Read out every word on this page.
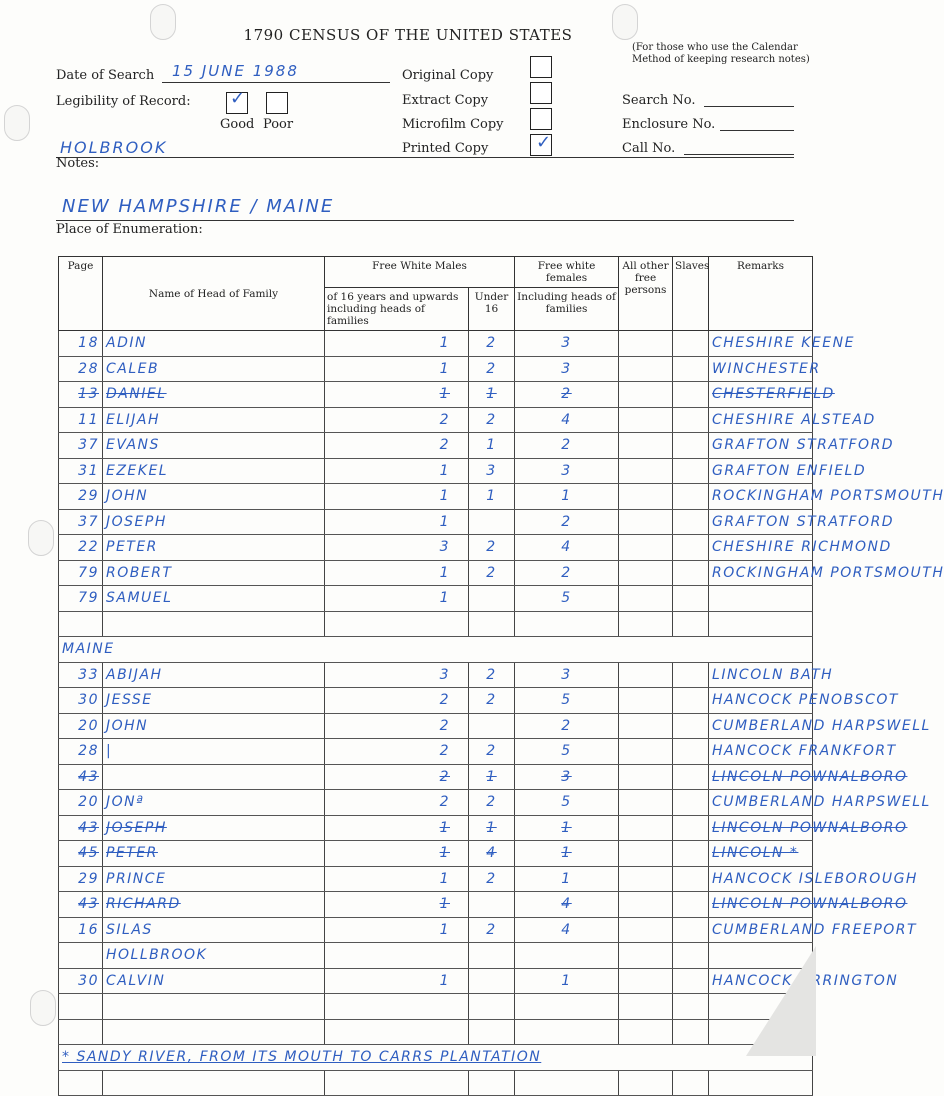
1790 CENSUS OF THE UNITED STATES
(For those who use the Calendar Method of keeping research notes)
Date of Search 15 JUNE 1988
Legibility of Record: ✓
Good Poor
Original Copy
Extract Copy
Microfilm Copy
Printed Copy	✓
Search No.
Enclosure No.
Call No.
HOLBROOK
Notes:
NEW HAMPSHIRE / MAINE
Place of Enumeration:
Page	Name of Head of Family	Free White Males		Free white females	All other free persons	Slaves	Remarks
		of 16 years and upwards including heads of families	Under 16	Including heads of families			
18	ADIN	1	2	3			CHESHIRE KEENE
28	CALEB	1	2	3			WINCHESTER
13	DANIEL	1	1	2			CHESTERFIELD
11	ELIJAH	2	2	4			CHESHIRE ALSTEAD
37	EVANS	2	1	2			GRAFTON STRATFORD
31	EZEKEL	1	3	3			GRAFTON ENFIELD
29	JOHN	1	1	1			ROCKINGHAM PORTSMOUTH
37	JOSEPH	1		2			GRAFTON STRATFORD
22	PETER	3	2	4			CHESHIRE RICHMOND
79	ROBERT	1	2	2			ROCKINGHAM PORTSMOUTH
79	SAMUEL	1		5			

MAINE							
33	ABIJAH	3	2	3			LINCOLN BATH
30	JESSE	2	2	5			HANCOCK PENOBSCOT
20	JOHN	2		2			CUMBERLAND HARPSWELL
28	|	2	2	5			HANCOCK FRANKFORT
43		2	1	3			LINCOLN POWNALBORO
20	JONª	2	2	5			CUMBERLAND HARPSWELL
43	JOSEPH	1	1	1			LINCOLN POWNALBORO
45	PETER	1	4	1			LINCOLN *
29	PRINCE	1	2	1			HANCOCK ISLEBOROUGH
43	RICHARD	1		4			LINCOLN POWNALBORO
16	SILAS	1	2	4			CUMBERLAND FREEPORT
	HOLLBROOK						
30	CALVIN	1		1			HANCOCK ORRINGTON

* SANDY RIVER, FROM ITS MOUTH TO CARRS PLANTATION							
